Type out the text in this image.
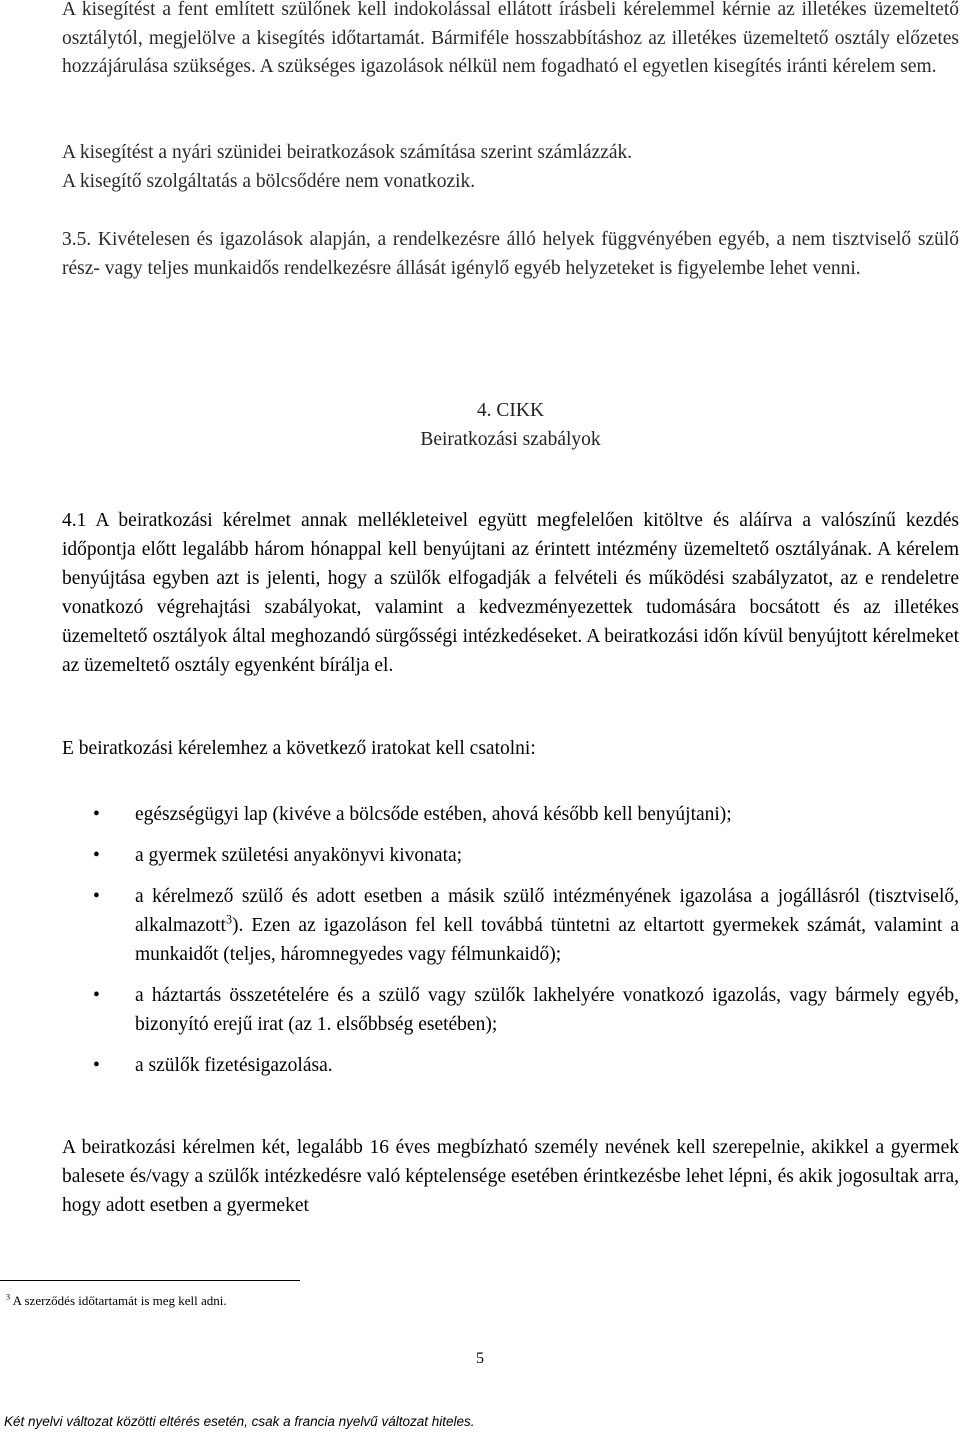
A kisegítést a fent említett szülőnek kell indokolással ellátott írásbeli kérelemmel kérnie az illetékes üzemeltető osztálytól, megjelölve a kisegítés időtartamát. Bármiféle hosszabbításhoz az illetékes üzemeltető osztály előzetes hozzájárulása szükséges. A szükséges igazolások nélkül nem fogadható el egyetlen kisegítés iránti kérelem sem.
A kisegítést a nyári szünidei beiratkozások számítása szerint számlázzák.
A kisegítő szolgáltatás a bölcsődére nem vonatkozik.
3.5. Kivételesen és igazolások alapján, a rendelkezésre álló helyek függvényében egyéb, a nem tisztviselő szülő rész- vagy teljes munkaidős rendelkezésre állását igénylő egyéb helyzeteket is figyelembe lehet venni.
4. CIKK
Beiratkozási szabályok
4.1 A beiratkozási kérelmet annak mellékleteivel együtt megfelelően kitöltve és aláírva a valószínű kezdés időpontja előtt legalább három hónappal kell benyújtani az érintett intézmény üzemeltető osztályának. A kérelem benyújtása egyben azt is jelenti, hogy a szülők elfogadják a felvételi és működési szabályzatot, az e rendeletre vonatkozó végrehajtási szabályokat, valamint a kedvezményezettek tudomására bocsátott és az illetékes üzemeltető osztályok által meghozandó sürgősségi intézkedéseket. A beiratkozási időn kívül benyújtott kérelmeket az üzemeltető osztály egyenként bírálja el.
E beiratkozási kérelemhez a következő iratokat kell csatolni:
• egészségügyi lap (kivéve a bölcsőde estében, ahová később kell benyújtani);
• a gyermek születési anyakönyvi kivonata;
• a kérelmező szülő és adott esetben a másik szülő intézményének igazolása a jogállásról (tisztviselő, alkalmazott$^3$). Ezen az igazoláson fel kell továbbá tüntetni az eltartott gyermekek számát, valamint a munkaidőt (teljes, háromnegyedes vagy félmunkaidő);
• a háztartás összetételére és a szülő vagy szülők lakhelyére vonatkozó igazolás, vagy bármely egyéb, bizonyító erejű irat (az 1. elsőbbség esetében);
• a szülők fizetésigazolása.
A beiratkozási kérelmen két, legalább 16 éves megbízható személy nevének kell szerepelnie, akikkel a gyermek balesete és/vagy a szülők intézkedésre való képtelensége esetében érintkezésbe lehet lépni, és akik jogosultak arra, hogy adott esetben a gyermeket
$^3$ A szerződés időtartamát is meg kell adni.
5
Két nyelvi változat közötti eltérés esetén, csak a francia nyelvű változat hiteles.
